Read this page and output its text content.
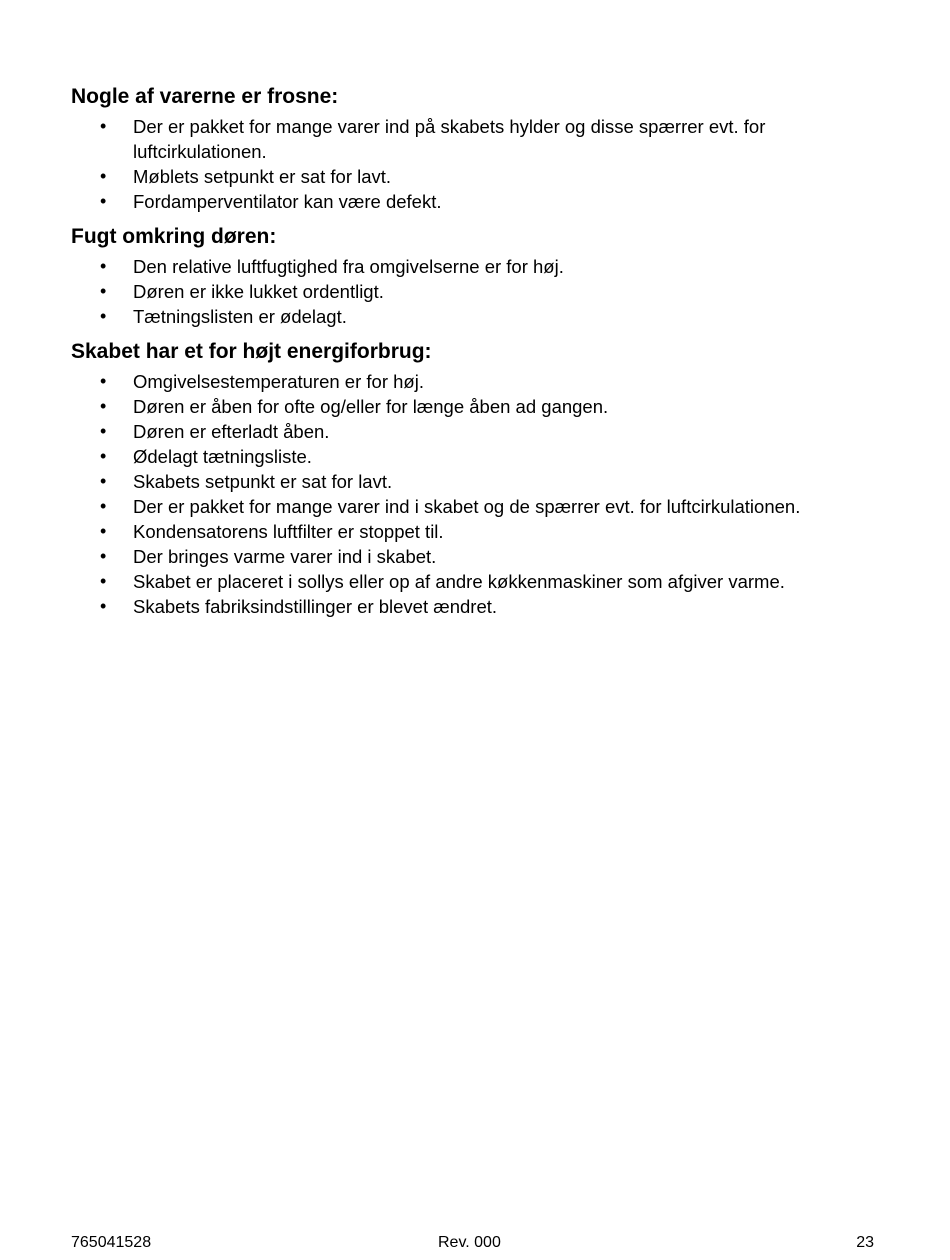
Nogle af varerne er frosne:
• Der er pakket for mange varer ind på skabets hylder og disse spærrer evt. for luftcirkulationen.
• Møblets setpunkt er sat for lavt.
• Fordamperventilator kan være defekt.
Fugt omkring døren:
• Den relative luftfugtighed fra omgivelserne er for høj.
• Døren er ikke lukket ordentligt.
• Tætningslisten er ødelagt.
Skabet har et for højt energiforbrug:
• Omgivelsestemperaturen er for høj.
• Døren er åben for ofte og/eller for længe åben ad gangen.
• Døren er efterladt åben.
• Ødelagt tætningsliste.
• Skabets setpunkt er sat for lavt.
• Der er pakket for mange varer ind i skabet og de spærrer evt. for luftcirkulationen.
• Kondensatorens luftfilter er stoppet til.
• Der bringes varme varer ind i skabet.
• Skabet er placeret i sollys eller op af andre køkkenmaskiner som afgiver varme.
• Skabets fabriksindstillinger er blevet ændret.
765041528	Rev. 000	23
